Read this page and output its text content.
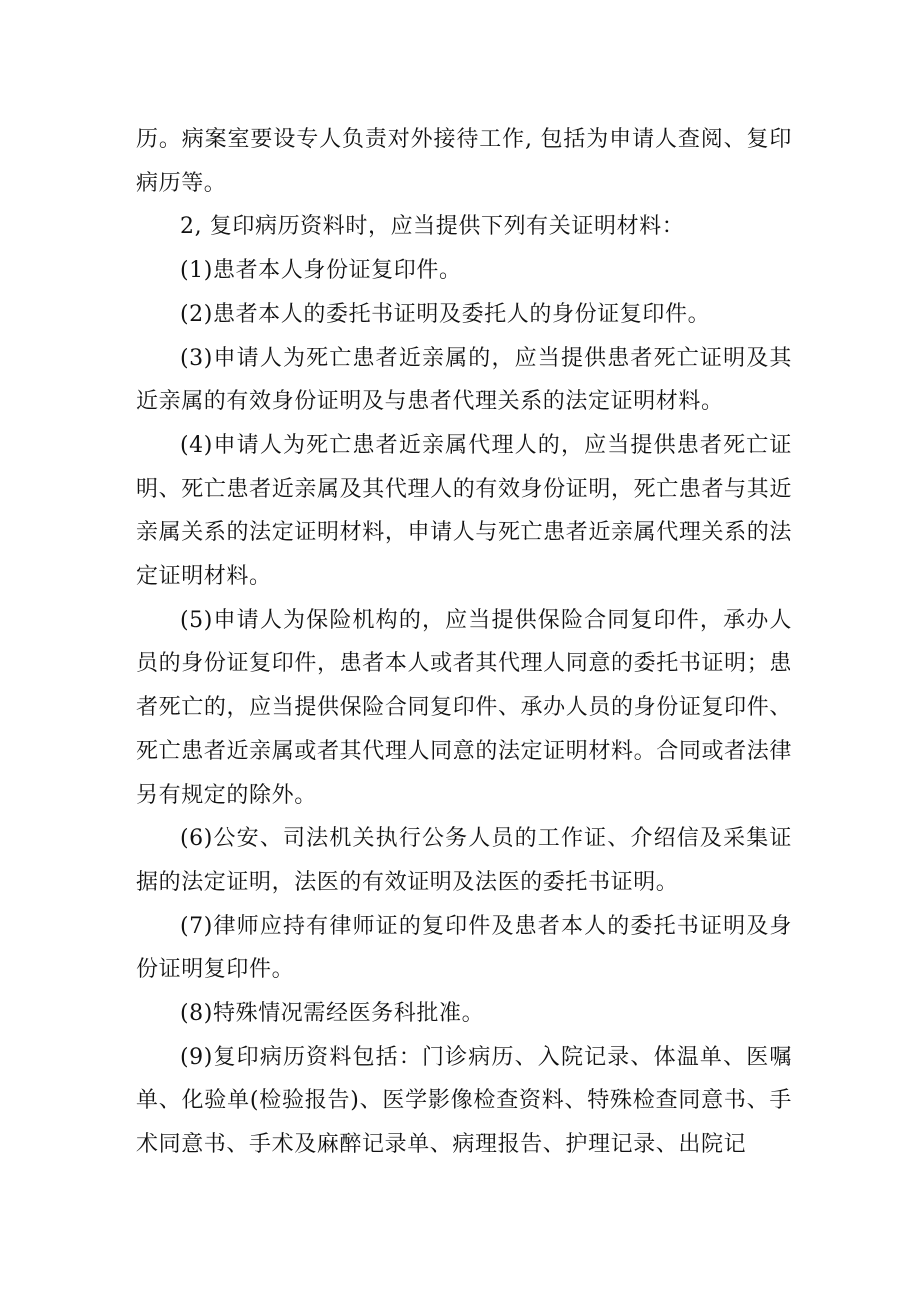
历。病案室要设专人负责对外接待工作, 包括为申请人查阅、复印病历等。

2, 复印病历资料时，应当提供下列有关证明材料：

(1)患者本人身份证复印件。

(2)患者本人的委托书证明及委托人的身份证复印件。

(3)申请人为死亡患者近亲属的，应当提供患者死亡证明及其近亲属的有效身份证明及与患者代理关系的法定证明材料。

(4)申请人为死亡患者近亲属代理人的，应当提供患者死亡证明、死亡患者近亲属及其代理人的有效身份证明，死亡患者与其近亲属关系的法定证明材料，申请人与死亡患者近亲属代理关系的法定证明材料。

(5)申请人为保险机构的，应当提供保险合同复印件，承办人员的身份证复印件，患者本人或者其代理人同意的委托书证明；患者死亡的，应当提供保险合同复印件、承办人员的身份证复印件、死亡患者近亲属或者其代理人同意的法定证明材料。合同或者法律另有规定的除外。

(6)公安、司法机关执行公务人员的工作证、介绍信及采集证据的法定证明，法医的有效证明及法医的委托书证明。

(7)律师应持有律师证的复印件及患者本人的委托书证明及身份证明复印件。

(8)特殊情况需经医务科批准。

(9)复印病历资料包括：门诊病历、入院记录、体温单、医嘱单、化验单(检验报告)、医学影像检查资料、特殊检查同意书、手术同意书、手术及麻醉记录单、病理报告、护理记录、出院记
